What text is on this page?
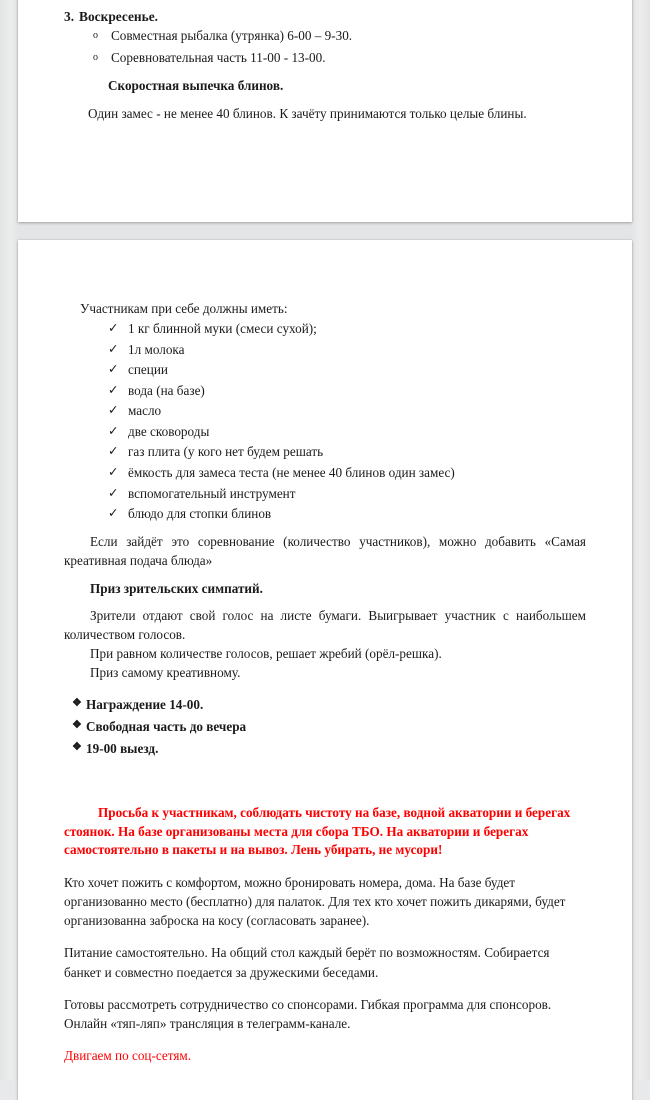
3. Воскресенье.

o Совместная рыбалка (утрянка) 6-00 – 9-30.
o Соревновательная часть 11-00 - 13-00.

Скоростная выпечка блинов.

Один замес - не менее 40 блинов. К зачёту принимаются только целые блины.

Участникам при себе должны иметь:

✓ 1 кг блинной муки (смеси сухой);
✓ 1л молока
✓ специи
✓ вода (на базе)
✓ масло
✓ две сковороды
✓ газ плита (у кого нет будем решать
✓ ёмкость для замеса теста (не менее 40 блинов один замес)
✓ вспомогательный инструмент
✓ блюдо для стопки блинов

Если зайдёт это соревнование (количество участников), можно добавить «Самая креативная подача блюда»

Приз зрительских симпатий.

Зрители отдают свой голос на листе бумаги. Выигрывает участник с наибольшем количеством голосов.

При равном количестве голосов, решает жребий (орёл-решка).

Приз самому креативному.

❖ Награждение 14-00.
❖ Свободная часть до вечера
❖ 19-00 выезд.

Просьба к участникам, соблюдать чистоту на базе, водной акватории и берегах стоянок. На базе организованы места для сбора ТБО. На акватории и берегах самостоятельно в пакеты и на вывоз. Лень убирать, не мусори!

Кто хочет пожить с комфортом, можно бронировать номера, дома. На базе будет организованно место (бесплатно) для палаток. Для тех кто хочет пожить дикарями, будет организованна заброска на косу (согласовать заранее).

Питание самостоятельно. На общий стол каждый берёт по возможностям. Собирается банкет и совместно поедается за дружескими беседами.

Готовы рассмотреть сотрудничество со спонсорами. Гибкая программа для спонсоров. Онлайн «тяп-ляп» трансляция в телеграмм-канале.

Двигаем по соц-сетям.
